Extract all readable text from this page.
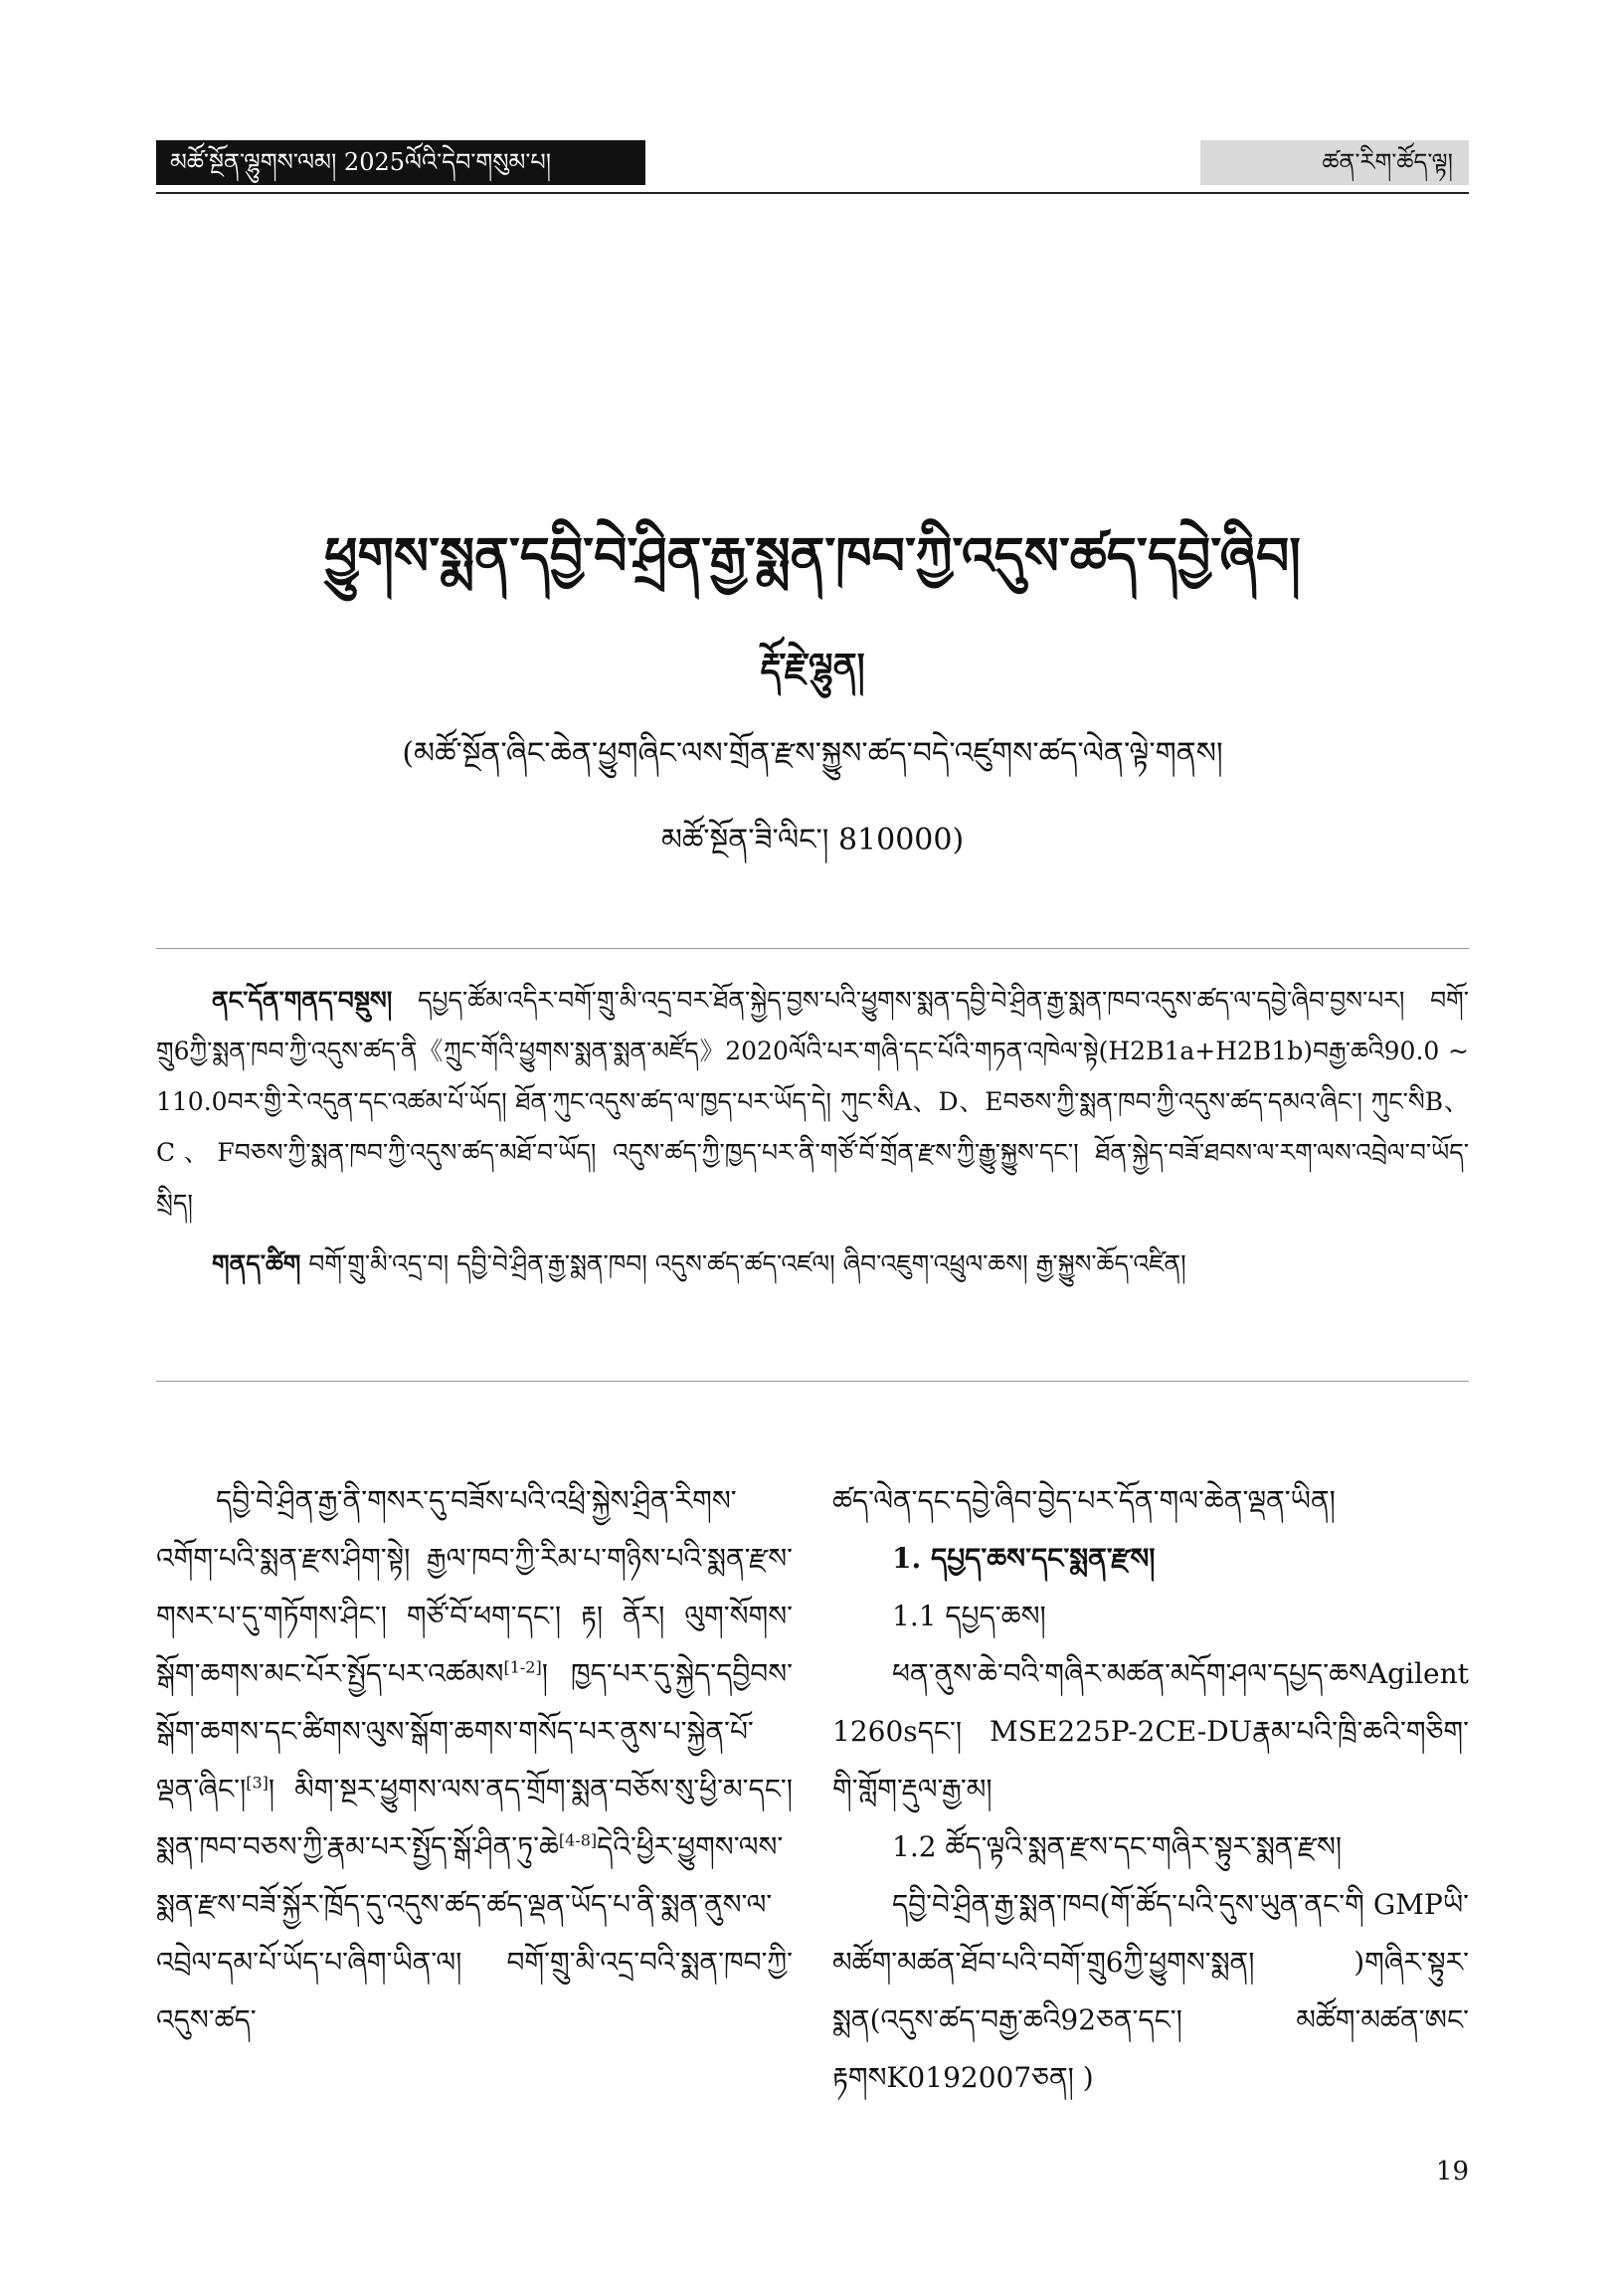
མཚོ་སྔོན་ལྷུགས་ལམ། 2025ལོའི་དེབ་གསུམ་པ།	ཚན་རིག་ཚོད་ལྟ།
ཕྱུགས་སྨན་དབྱི་བེ་ཤྲིན་རྒྱ་སྨན་ཁབ་ཀྱི་འདུས་ཚད་དབྱེ་ཞིབ།
རྡོ་རྗེ་ལྷུན།
(མཚོ་སྔོན་ཞིང་ཆེན་ཕྱུགཞིང་ལས་གྲོན་རྫས་སྐྱུས་ཚད་བདེ་འཛུགས་ཚད་ལེན་ལྟེ་གནས།
མཚོ་སྔོན་ཟི་ལིང་། 810000)

ནང་དོན་གནད་བསྡུས། དཔྱད་ཚོམ་འདིར་བགོ་གྲུ་མི་འདྲ་བར་ཐོན་སྐྱེད་བྱས་པའི་ཕྱུགས་སྨན་དབྱི་བེ་ཤྲིན་རྒྱ་སྨན་ཁབ་འདུས་ཚད་ལ་དབྱེ་ཞིབ་བྱས་པར། བགོ་གྲུ6ཀྱི་སྨན་ཁབ་ཀྱི་འདུས་ཚད་ནི《ཀྲུང་གོའི་ཕྱུགས་སྨན་སྨན་མཛོད》2020ལོའི་པར་གཞི་དང་པོའི་གཏན་འཁེལ་སྟེ(H2B1a+H2B1b)བརྒྱ་ཆའི90.0 ~ 110.0བར་གྱི་རེ་འདུན་དང་འཚམ་པོ་ཡོད། ཐོན་ཀུང་འདུས་ཚད་ལ་ཁྱད་པར་ཡོད་དེ། ཀུང་སིA、D、Eབཅས་ཀྱི་སྨན་ཁབ་ཀྱི་འདུས་ཚད་དམའ་ཞིང་། ཀུང་སིB、C、Fབཅས་ཀྱི་སྨན་ཁབ་ཀྱི་འདུས་ཚད་མཐོ་བ་ཡོད། འདུས་ཚད་ཀྱི་ཁྱད་པར་ནི་གཙོ་བོ་གྲོན་རྫས་ཀྱི་རྒྱུ་སྐྱུས་དང་། ཐོན་སྐྱེད་བཟོ་ཐབས་ལ་རག་ལས་འབྲེལ་བ་ཡོད་སྲིད།

གནད་ཚིག བགོ་གྲུ་མི་འདྲ་བ། དབྱི་བེ་ཤྲིན་རྒྱ་སྨན་ཁབ། འདུས་ཚད་ཚད་འཛལ། ཞིབ་འཇུག་འཕྲུལ་ཆས། རྒྱ་སྐྱུས་ཆོད་འཛིན།

དབྱི་བེ་ཤྲིན་རྒྱ་ནི་གསར་དུ་བཟོས་པའི་འཕྲི་སྐྱེས་ཤྲིན་རིགས་འགོག་པའི་སྨན་རྫས་ཤིག་སྟེ། རྒྱལ་ཁབ་ཀྱི་རིམ་པ་གཉིས་པའི་སྨན་རྫས་གསར་པ་དུ་གཏོགས་ཤིང་། གཙོ་བོ་ཕག་དང་། རྟ། ནོར། ལུག་སོགས་སྒོག་ཆགས་མང་པོར་སྤྱོད་པར་འཚམས[1-2]། ཁྱད་པར་དུ་སྐྱེད་དབྱིབས་སྒོག་ཆགས་དང་ཚིགས་ལུས་སྒོག་ཆགས་གསོད་པར་ནུས་པ་སྐྱེན་པོ་ལྡན་ཞིང་།[3]། མིག་སྔར་ཕྱུགས་ལས་ནད་གྲོག་སྨན་བཅོས་སུ་ཕྱི་མ་དང་། སྨན་ཁབ་བཅས་ཀྱི་རྣམ་པར་སྤྱོད་སྒོ་ཤིན་ཏུ་ཆེ[4-8]དེའི་ཕྱིར་ཕྱུགས་ལས་སྨན་རྫས་བཟོ་སྐྱོར་ཁྲོད་དུ་འདུས་ཚད་ཚད་ལྡན་ཡོད་པ་ནི་སྨན་ནུས་ལ་འབྲེལ་དམ་པོ་ཡོད་པ་ཞིག་ཡིན་ལ། བགོ་གྲུ་མི་འདྲ་བའི་སྨན་ཁབ་ཀྱི་འདུས་ཚད་

ཚད་ལེན་དང་དབྱེ་ཞིབ་བྱེད་པར་དོན་གལ་ཆེན་ལྡན་ཡིན།

1. དཔྱད་ཆས་དང་སྨན་རྫས།
1.1 དཔྱད་ཆས།

ཕན་ནུས་ཆེ་བའི་གཞིར་མཚན་མདོག་ཤལ་དཔྱད་ཆསAgilent 1260sདང་། MSE225P-2CE-DUརྣམ་པའི་ཁྲི་ཆའི་གཅིག་གི་གློག་རྡུལ་རྒྱ་མ།

1.2 ཚོད་ལྟའི་སྨན་རྫས་དང་གཞིར་སྟུར་སྨན་རྫས།

དབྱི་བེ་ཤྲིན་རྒྱ་སྨན་ཁབ(གོ་ཚོད་པའི་དུས་ཡུན་ནང་གི GMPཡི་མཚོག་མཚན་ཐོབ་པའི་བགོ་གྲུ6ཀྱི་ཕྱུགས་སྨན། )གཞིར་སྟུར་སྨན(འདུས་ཚད་བརྒྱ་ཆའི92ཅན་དང་། མཚོག་མཚན་ཨང་རྟགསK0192007ཅན། )

19
